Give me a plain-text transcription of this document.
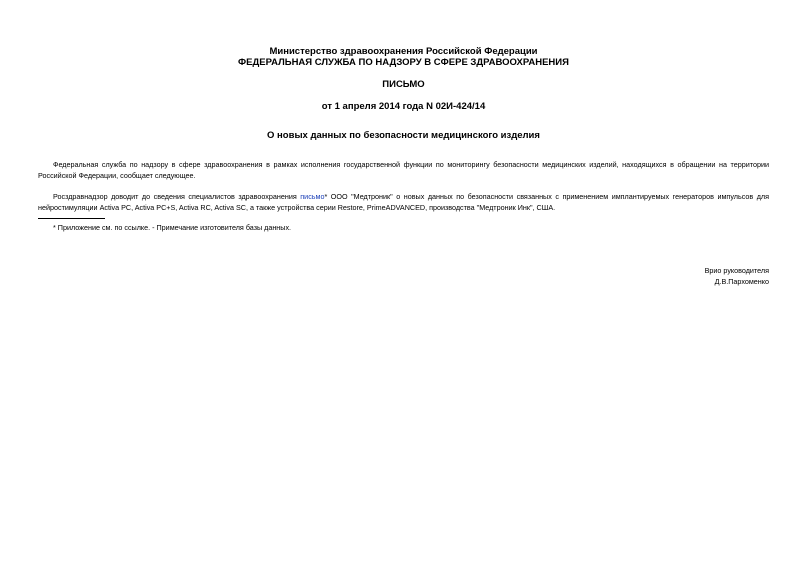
Министерство здравоохранения Российской Федерации
ФЕДЕРАЛЬНАЯ СЛУЖБА ПО НАДЗОРУ В СФЕРЕ ЗДРАВООХРАНЕНИЯ
ПИСЬМО
от 1 апреля 2014 года N 02И-424/14
О новых данных по безопасности медицинского изделия

Федеральная служба по надзору в сфере здравоохранения в рамках исполнения государственной функции по мониторингу безопасности медицинских изделий, находящихся в обращении на территории Российской Федерации, сообщает следующее.

Росздравнадзор доводит до сведения специалистов здравоохранения письмо* ООО "Медтроник" о новых данных по безопасности связанных с применением имплантируемых генераторов импульсов для нейростимуляции Activa PC, Activa PC+S, Activa RC, Activa SC, а также устройства серии Restore, PrimeADVANCED, производства "Медтроник Инк", США.

* Приложение см. по ссылке. - Примечание изготовителя базы данных.
Врио руководителя
Д.В.Пархоменко
